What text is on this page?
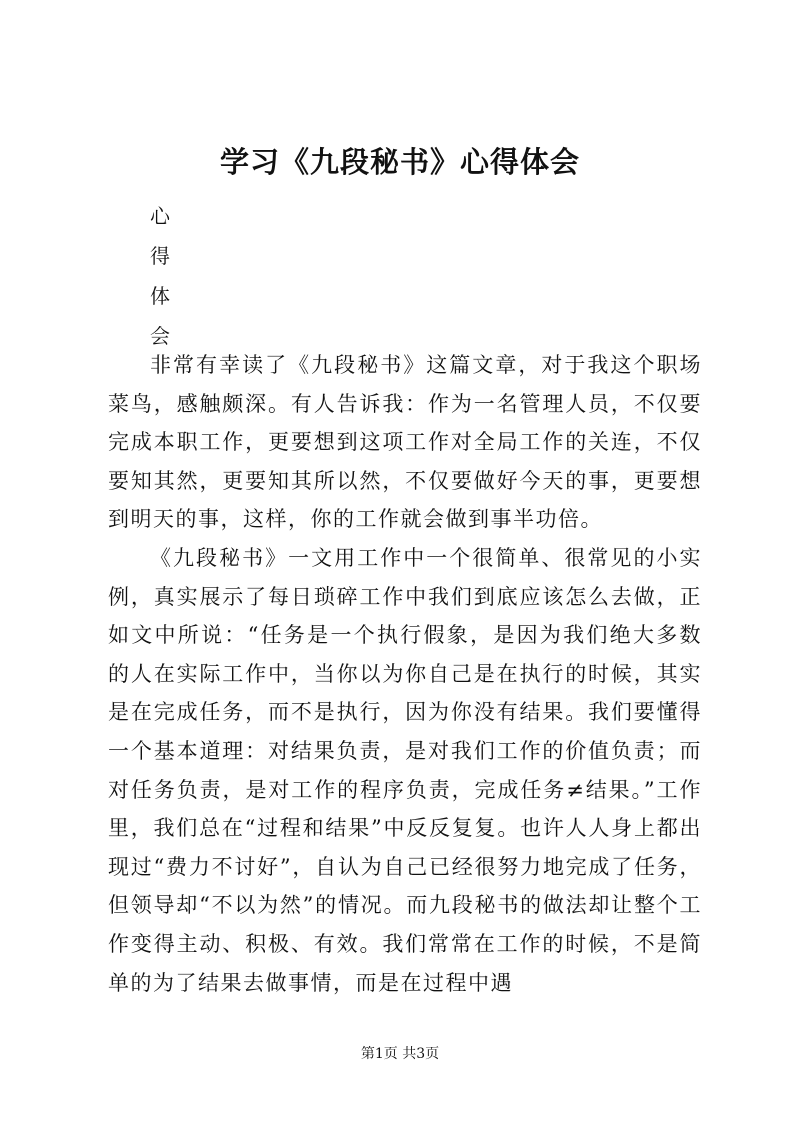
学习《九段秘书》心得体会
心
得
体
会

非常有幸读了《九段秘书》这篇文章，对于我这个职场菜鸟，感触颇深。有人告诉我：作为一名管理人员，不仅要完成本职工作，更要想到这项工作对全局工作的关连，不仅要知其然，更要知其所以然，不仅要做好今天的事，更要想到明天的事，这样，你的工作就会做到事半功倍。

《九段秘书》一文用工作中一个很简单、很常见的小实例，真实展示了每日琐碎工作中我们到底应该怎么去做，正如文中所说：“任务是一个执行假象，是因为我们绝大多数的人在实际工作中，当你以为你自己是在执行的时候，其实是在完成任务，而不是执行，因为你没有结果。我们要懂得一个基本道理：对结果负责，是对我们工作的价值负责；而对任务负责，是对工作的程序负责，完成任务≠结果。”工作里，我们总在“过程和结果”中反反复复。也许人人身上都出现过“费力不讨好”，自认为自己已经很努力地完成了任务，但领导却“不以为然”的情况。而九段秘书的做法却让整个工作变得主动、积极、有效。我们常常在工作的时候，不是简单的为了结果去做事情，而是在过程中遇

第1页 共3页
